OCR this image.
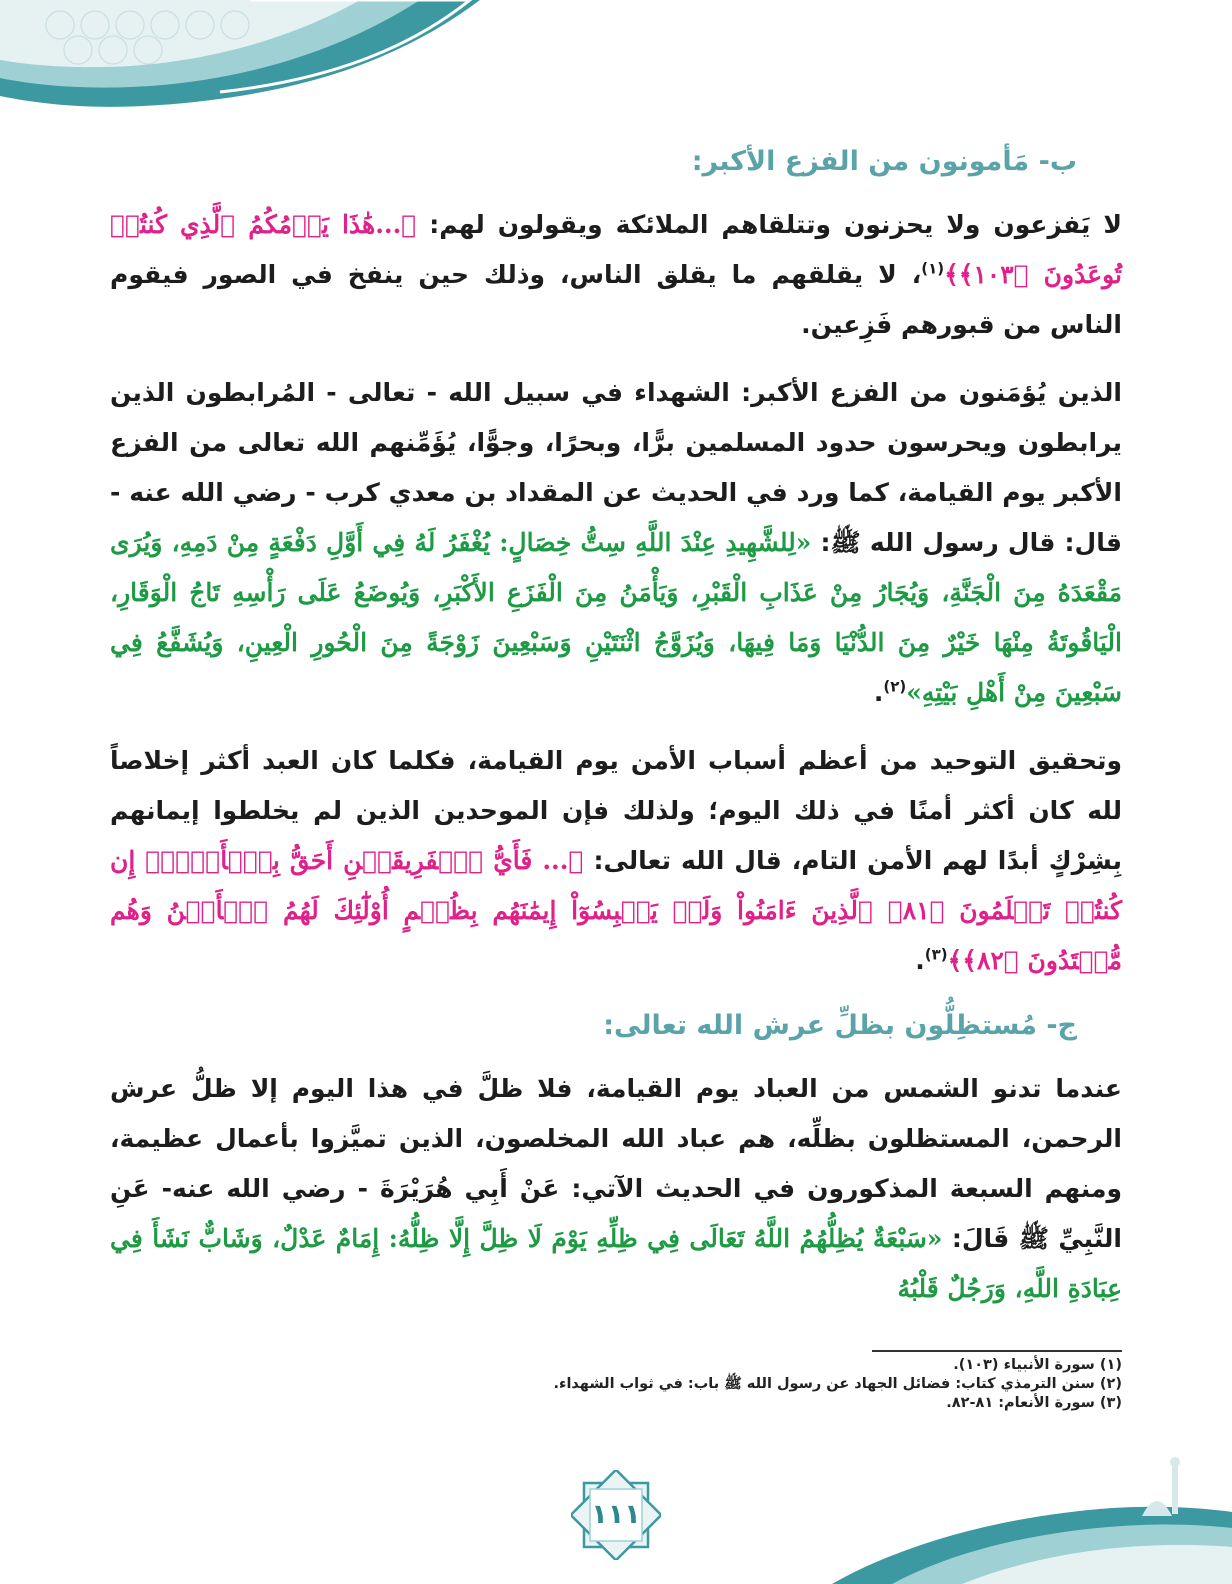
ب- مَأمونون من الفزع الأكبر:

لا يَفزعون ولا يحزنون وتتلقاهم الملائكة ويقولون لهم: ﴿...هَٰذَا يَوۡمُكُمُ ٱلَّذِي كُنتُمۡ تُوعَدُونَ ﴿١٠٣﴾﴾$^{(١)}$، لا يقلقهم ما يقلق الناس، وذلك حين ينفخ في الصور فيقوم الناس من قبورهم فَزِعين.

الذين يُؤمَنون من الفزع الأكبر: الشهداء في سبيل الله - تعالى - المُرابطون الذين يرابطون ويحرسون حدود المسلمين برًّا، وبحرًا، وجوًّا، يُؤَمِّنهم الله تعالى من الفزع الأكبر يوم القيامة، كما ورد في الحديث عن المقداد بن معدي كرب - رضي الله عنه - قال: قال رسول الله ﷺ: «لِلشَّهِيدِ عِنْدَ اللَّهِ سِتُّ خِصَالٍ: يُغْفَرُ لَهُ فِي أَوَّلِ دَفْعَةٍ مِنْ دَمِهِ، وَيُرَى مَقْعَدَهُ مِنَ الْجَنَّةِ، وَيُجَارُ مِنْ عَذَابِ الْقَبْرِ، وَيَأْمَنُ مِنَ الْفَزَعِ الأَكْبَرِ، وَيُوضَعُ عَلَى رَأْسِهِ تَاجُ الْوَقَارِ، الْيَاقُوتَةُ مِنْهَا خَيْرٌ مِنَ الدُّنْيَا وَمَا فِيهَا، وَيُزَوَّجُ اثْنَتَيْنِ وَسَبْعِينَ زَوْجَةً مِنَ الْحُورِ الْعِينِ، وَيُشَفَّعُ فِي سَبْعِينَ مِنْ أَهْلِ بَيْتِهِ»$^{(٢)}$.

وتحقيق التوحيد من أعظم أسباب الأمن يوم القيامة، فكلما كان العبد أكثر إخلاصاً لله كان أكثر أمنًا في ذلك اليوم؛ ولذلك فإن الموحدين الذين لم يخلطوا إيمانهم بِشِرْكٍ أبدًا لهم الأمن التام، قال الله تعالى: ﴿... فَأَيُّ ٱلۡفَرِيقَيۡنِ أَحَقُّ بِٱلۡأَمۡنِۖ إِن كُنتُمۡ تَعۡلَمُونَ ﴿٨١﴾ ٱلَّذِينَ ءَامَنُواْ وَلَمۡ يَلۡبِسُوٓاْ إِيمَٰنَهُم بِظُلۡمٍ أُوْلَٰٓئِكَ لَهُمُ ٱلۡأَمۡنُ وَهُم مُّهۡتَدُونَ ﴿٨٢﴾﴾$^{(٣)}$.

ج- مُستظِلُّون بظلِّ عرش الله تعالى:

عندما تدنو الشمس من العباد يوم القيامة، فلا ظلَّ في هذا اليوم إلا ظلُّ عرش الرحمن، المستظلون بظلِّه، هم عباد الله المخلصون، الذين تميَّزوا بأعمال عظيمة، ومنهم السبعة المذكورون في الحديث الآتي: عَنْ أَبِي هُرَيْرَةَ - رضي الله عنه- عَنِ النَّبِيِّ ﷺ قَالَ: «سَبْعَةٌ يُظِلُّهُمُ اللَّهُ تَعَالَى فِي ظِلِّهِ يَوْمَ لَا ظِلَّ إِلَّا ظِلُّهُ: إِمَامٌ عَدْلٌ، وَشَابٌّ نَشَأَ فِي عِبَادَةِ اللَّهِ، وَرَجُلٌ قَلْبُهُ

(١) سورة الأنبياء (١٠٣).
(٢) سنن الترمذي كتاب: فضائل الجهاد عن رسول الله ﷺ باب: في ثواب الشهداء.
(٣) سورة الأنعام: ٨١-٨٢.
١١١
